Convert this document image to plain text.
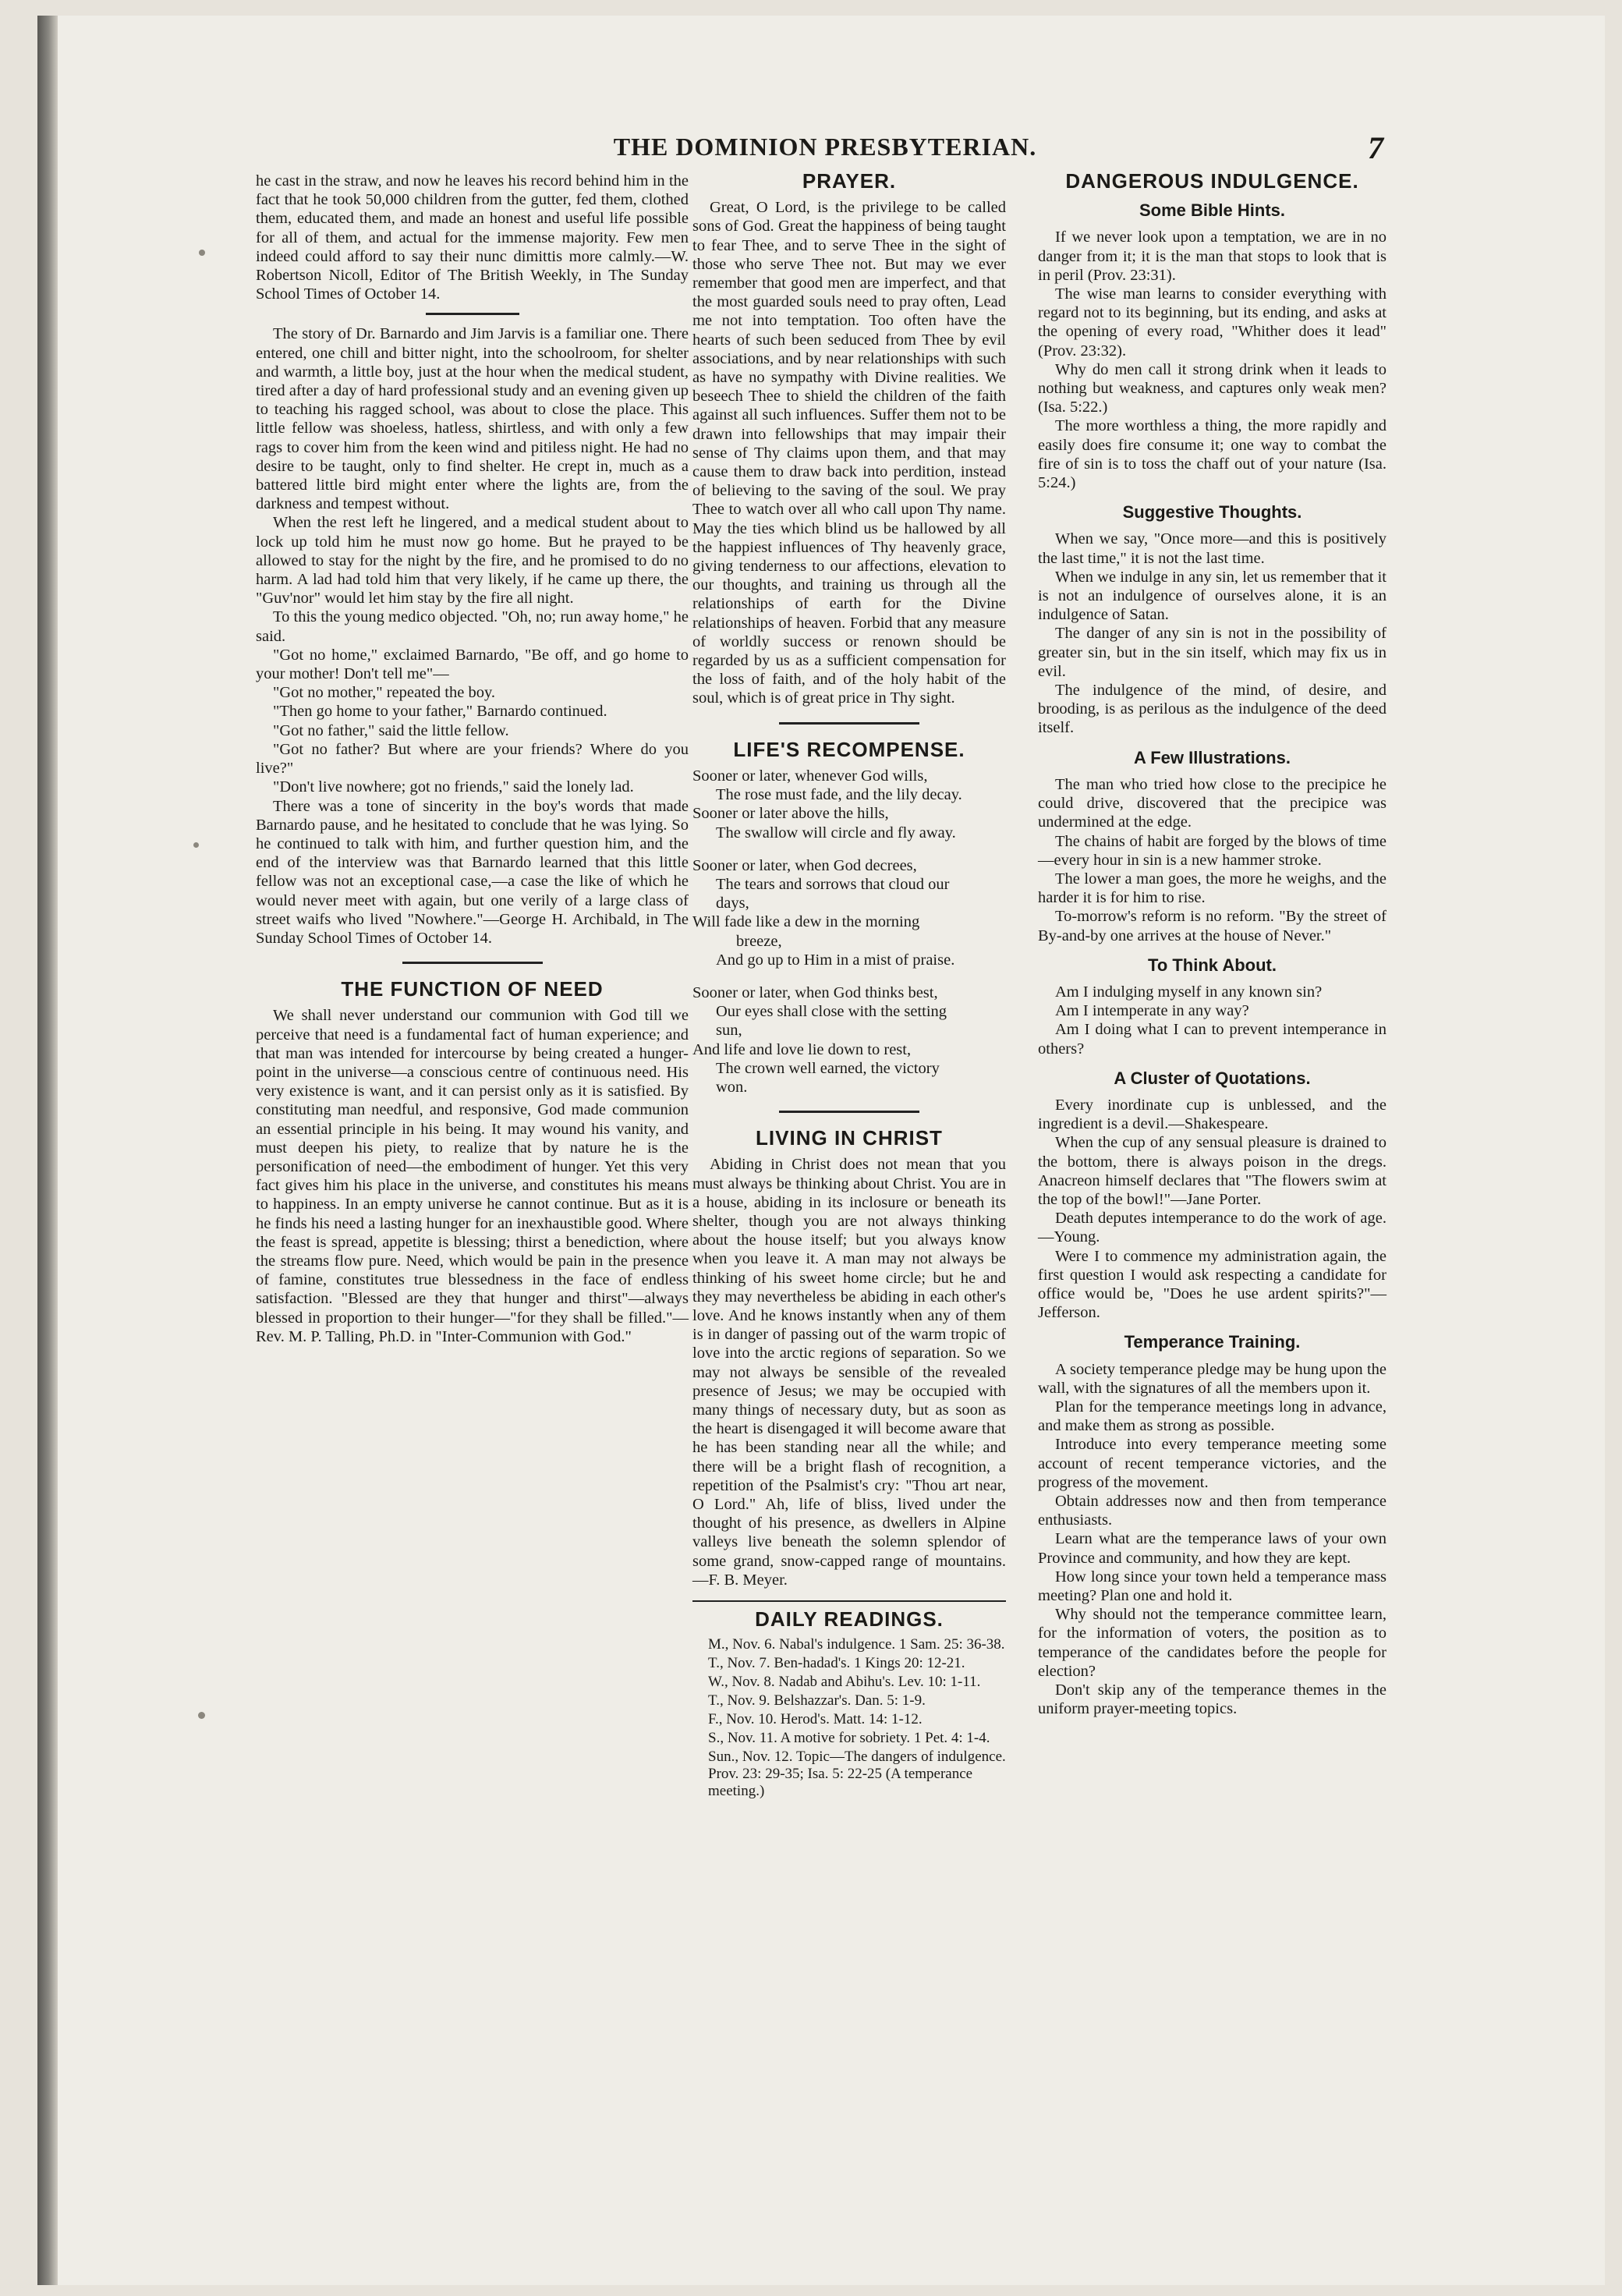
THE DOMINION PRESBYTERIAN.	7

he cast in the straw, and now he leaves his record behind him in the fact that he took 50,000 children from the gutter, fed them, clothed them, educated them, and made an honest and useful life possible for all of them, and actual for the immense majority. Few men indeed could afford to say their nunc dimittis more calmly.—W. Robertson Nicoll, Editor of The British Weekly, in The Sunday School Times of October 14.

The story of Dr. Barnardo and Jim Jarvis is a familiar one. There entered, one chill and bitter night, into the schoolroom, for shelter and warmth, a little boy, just at the hour when the medical student, tired after a day of hard professional study and an evening given up to teaching his ragged school, was about to close the place. This little fellow was shoeless, hatless, shirtless, and with only a few rags to cover him from the keen wind and pitiless night. He had no desire to be taught, only to find shelter. He crept in, much as a battered little bird might enter where the lights are, from the darkness and tempest without.

When the rest left he lingered, and a medical student about to lock up told him he must now go home. But he prayed to be allowed to stay for the night by the fire, and he promised to do no harm. A lad had told him that very likely, if he came up there, the "Guv'nor" would let him stay by the fire all night.

To this the young medico objected. "Oh, no; run away home," he said.

"Got no home," exclaimed Barnardo, "Be off, and go home to your mother! Don't tell me"—

"Got no mother," repeated the boy.

"Then go home to your father," Barnardo continued.

"Got no father," said the little fellow.

"Got no father? But where are your friends? Where do you live?"

"Don't live nowhere; got no friends," said the lonely lad.

There was a tone of sincerity in the boy's words that made Barnardo pause, and he hesitated to conclude that he was lying. So he continued to talk with him, and further question him, and the end of the interview was that Barnardo learned that this little fellow was not an exceptional case,—a case the like of which he would never meet with again, but one verily of a large class of street waifs who lived "Nowhere."—George H. Archibald, in The Sunday School Times of October 14.

THE FUNCTION OF NEED

We shall never understand our communion with God till we perceive that need is a fundamental fact of human experience; and that man was intended for intercourse by being created a hunger-point in the universe—a conscious centre of continuous need. His very existence is want, and it can persist only as it is satisfied. By constituting man needful, and responsive, God made communion an essential principle in his being. It may wound his vanity, and must deepen his piety, to realize that by nature he is the personification of need—the embodiment of hunger. Yet this very fact gives him his place in the universe, and constitutes his means to happiness. In an empty universe he cannot continue. But as it is he finds his need a lasting hunger for an inexhaustible good. Where the feast is spread, appetite is blessing; thirst a benediction, where the streams flow pure. Need, which would be pain in the presence of famine, constitutes true blessedness in the face of endless satisfaction. "Blessed are they that hunger and thirst"—always blessed in proportion to their hunger—"for they shall be filled."—Rev. M. P. Talling, Ph.D. in "Inter-Communion with God."

PRAYER.

Great, O Lord, is the privilege to be called sons of God. Great the happiness of being taught to fear Thee, and to serve Thee in the sight of those who serve Thee not. But may we ever remember that good men are imperfect, and that the most guarded souls need to pray often, Lead me not into temptation. Too often have the hearts of such been seduced from Thee by evil associations, and by near relationships with such as have no sympathy with Divine realities. We beseech Thee to shield the children of the faith against all such influences. Suffer them not to be drawn into fellowships that may impair their sense of Thy claims upon them, and that may cause them to draw back into perdition, instead of believing to the saving of the soul. We pray Thee to watch over all who call upon Thy name. May the ties which blind us be hallowed by all the happiest influences of Thy heavenly grace, giving tenderness to our affections, elevation to our thoughts, and training us through all the relationships of earth for the Divine relationships of heaven. Forbid that any measure of worldly success or renown should be regarded by us as a sufficient compensation for the loss of faith, and of the holy habit of the soul, which is of great price in Thy sight.

LIFE'S RECOMPENSE.

Sooner or later, whenever God wills,

The rose must fade, and the lily decay.

Sooner or later above the hills,

The swallow will circle and fly away.

Sooner or later, when God decrees,

The tears and sorrows that cloud our

days,

Will fade like a dew in the morning

breeze,

And go up to Him in a mist of praise.

Sooner or later, when God thinks best,

Our eyes shall close with the setting

sun,

And life and love lie down to rest,

The crown well earned, the victory

won.

LIVING IN CHRIST

Abiding in Christ does not mean that you must always be thinking about Christ. You are in a house, abiding in its inclosure or beneath its shelter, though you are not always thinking about the house itself; but you always know when you leave it. A man may not always be thinking of his sweet home circle; but he and they may nevertheless be abiding in each other's love. And he knows instantly when any of them is in danger of passing out of the warm tropic of love into the arctic regions of separation. So we may not always be sensible of the revealed presence of Jesus; we may be occupied with many things of necessary duty, but as soon as the heart is disengaged it will become aware that he has been standing near all the while; and there will be a bright flash of recognition, a repetition of the Psalmist's cry: "Thou art near, O Lord." Ah, life of bliss, lived under the thought of his presence, as dwellers in Alpine valleys live beneath the solemn splendor of some grand, snow-capped range of mountains.—F. B. Meyer.

DAILY READINGS.

M., Nov. 6. Nabal's indulgence. 1 Sam. 25: 36-38.

T., Nov. 7. Ben-hadad's. 1 Kings 20: 12-21.

W., Nov. 8. Nadab and Abihu's. Lev. 10: 1-11.

T., Nov. 9. Belshazzar's. Dan. 5: 1-9.

F., Nov. 10. Herod's. Matt. 14: 1-12.

S., Nov. 11. A motive for sobriety. 1 Pet. 4: 1-4.

Sun., Nov. 12. Topic—The dangers of indulgence. Prov. 23: 29-35; Isa. 5: 22-25 (A temperance meeting.)

DANGEROUS INDULGENCE.
Some Bible Hints.

If we never look upon a temptation, we are in no danger from it; it is the man that stops to look that is in peril (Prov. 23:31).

The wise man learns to consider everything with regard not to its beginning, but its ending, and asks at the opening of every road, "Whither does it lead" (Prov. 23:32).

Why do men call it strong drink when it leads to nothing but weakness, and captures only weak men? (Isa. 5:22.)

The more worthless a thing, the more rapidly and easily does fire consume it; one way to combat the fire of sin is to toss the chaff out of your nature (Isa. 5:24.)

Suggestive Thoughts.

When we say, "Once more—and this is positively the last time," it is not the last time.

When we indulge in any sin, let us remember that it is not an indulgence of ourselves alone, it is an indulgence of Satan.

The danger of any sin is not in the possibility of greater sin, but in the sin itself, which may fix us in evil.

The indulgence of the mind, of desire, and brooding, is as perilous as the indulgence of the deed itself.

A Few Illustrations.

The man who tried how close to the precipice he could drive, discovered that the precipice was undermined at the edge.

The chains of habit are forged by the blows of time—every hour in sin is a new hammer stroke.

The lower a man goes, the more he weighs, and the harder it is for him to rise.

To-morrow's reform is no reform. "By the street of By-and-by one arrives at the house of Never."

To Think About.

Am I indulging myself in any known sin?

Am I intemperate in any way?

Am I doing what I can to prevent intemperance in others?

A Cluster of Quotations.

Every inordinate cup is unblessed, and the ingredient is a devil.—Shakespeare.

When the cup of any sensual pleasure is drained to the bottom, there is always poison in the dregs. Anacreon himself declares that "The flowers swim at the top of the bowl!"—Jane Porter.

Death deputes intemperance to do the work of age.—Young.

Were I to commence my administration again, the first question I would ask respecting a candidate for office would be, "Does he use ardent spirits?"—Jefferson.

Temperance Training.

A society temperance pledge may be hung upon the wall, with the signatures of all the members upon it.

Plan for the temperance meetings long in advance, and make them as strong as possible.

Introduce into every temperance meeting some account of recent temperance victories, and the progress of the movement.

Obtain addresses now and then from temperance enthusiasts.

Learn what are the temperance laws of your own Province and community, and how they are kept.

How long since your town held a temperance mass meeting? Plan one and hold it.

Why should not the temperance committee learn, for the information of voters, the position as to temperance of the candidates before the people for election?

Don't skip any of the temperance themes in the uniform prayer-meeting topics.
